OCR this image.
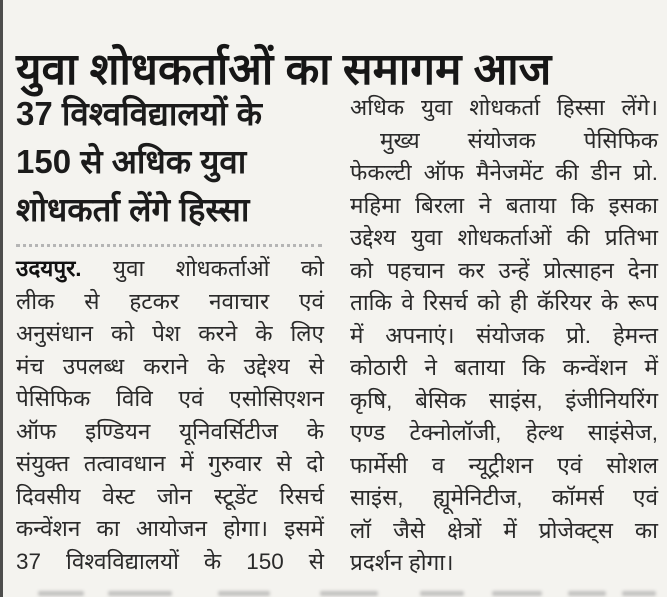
युवा शोधकर्ताओं का समागम आज
37 विश्वविद्यालयों के
150 से अधिक युवा
शोधकर्ता लेंगे हिस्सा
उदयपुर. युवा शोधकर्ताओं को
लीक से हटकर नवाचार एवं
अनुसंधान को पेश करने के लिए
मंच उपलब्ध कराने के उद्देश्य से
पेसिफिक विवि एवं एसोसिएशन
ऑफ इण्डियन यूनिवर्सिटीज के
संयुक्त तत्वावधान में गुरुवार से दो
दिवसीय वेस्ट जोन स्टूडेंट रिसर्च
कन्वेंशन का आयोजन होगा। इसमें
37 विश्वविद्यालयों के 150 से
अधिक युवा शोधकर्ता हिस्सा लेंगे।
मुख्य संयोजक पेसिफिक
फेकल्टी ऑफ मैनेजमेंट की डीन प्रो.
महिमा बिरला ने बताया कि इसका
उद्देश्य युवा शोधकर्ताओं की प्रतिभा
को पहचान कर उन्हें प्रोत्साहन देना
ताकि वे रिसर्च को ही कॅरियर के रूप
में अपनाएं। संयोजक प्रो. हेमन्त
कोठारी ने बताया कि कन्वेंशन में
कृषि, बेसिक साइंस, इंजीनियरिंग
एण्ड टेक्नोलॉजी, हेल्थ साइंसेज,
फार्मेसी व न्यूट्रीशन एवं सोशल
साइंस, ह्यूमेनिटीज, कॉमर्स एवं
लॉ जैसे क्षेत्रों में प्रोजेक्ट्स का
प्रदर्शन होगा।
